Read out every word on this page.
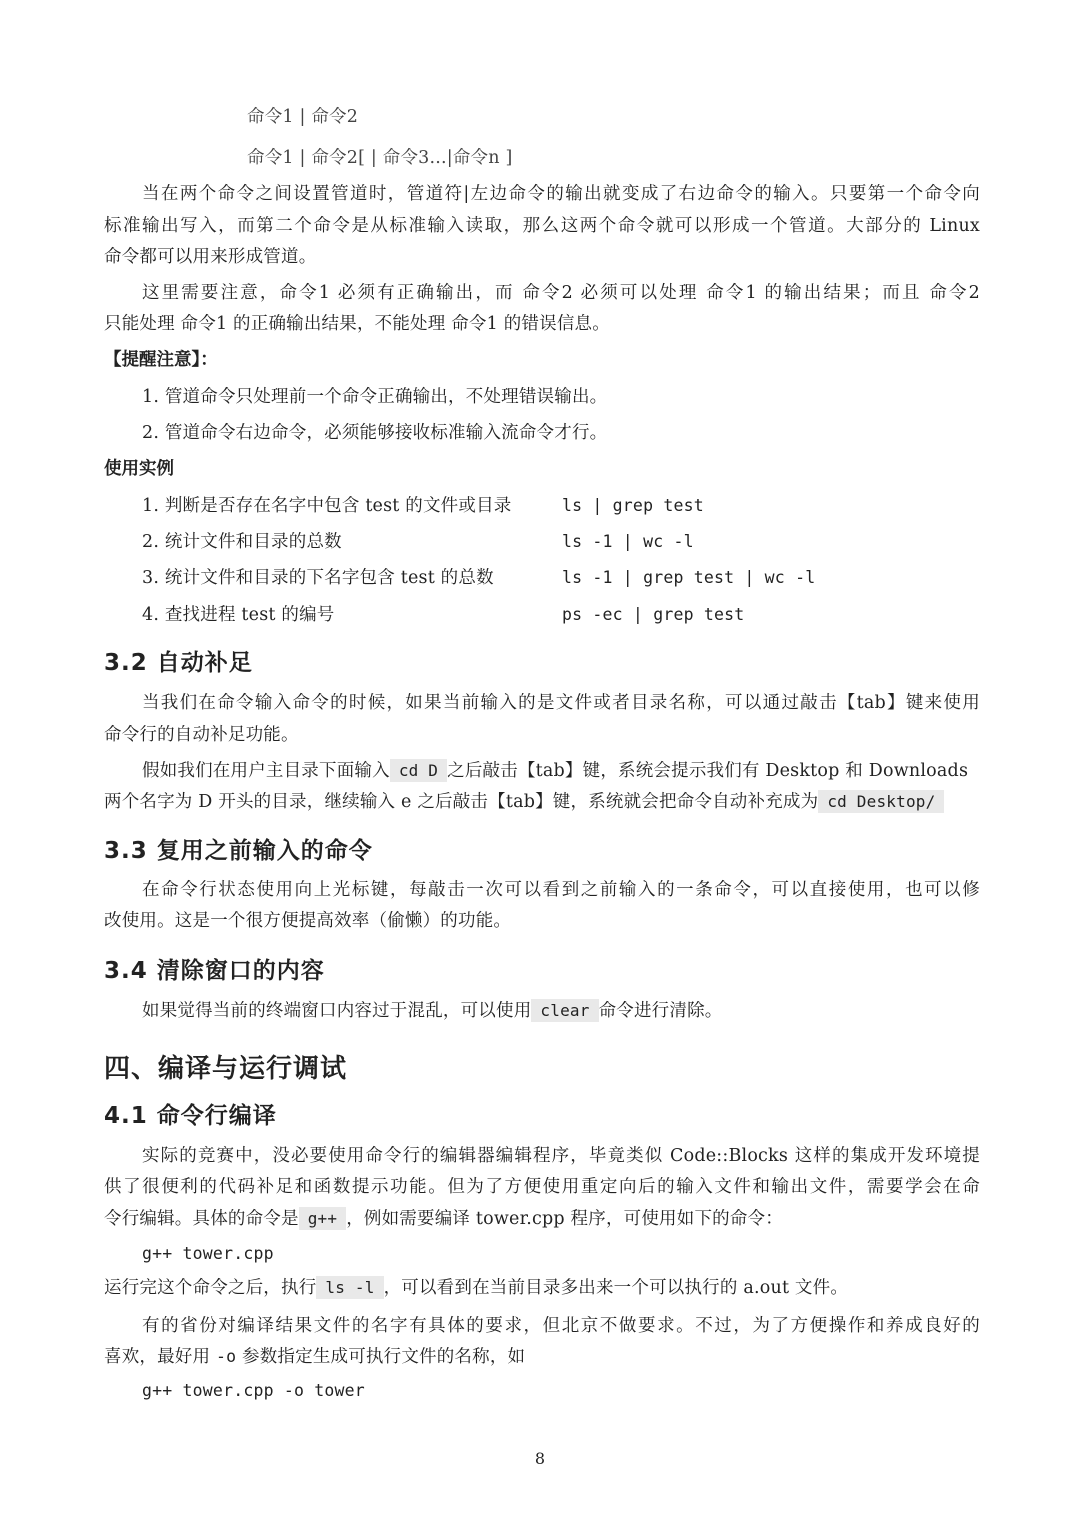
命令1 | 命令2
命令1 | 命令2[ | 命令3...|命令n ]
当在两个命令之间设置管道时，管道符|左边命令的输出就变成了右边命令的输入。只要第一个命令向
标准输出写入，而第二个命令是从标准输入读取，那么这两个命令就可以形成一个管道。大部分的 Linux
命令都可以用来形成管道。
这里需要注意，命令1 必须有正确输出，而 命令2 必须可以处理 命令1 的输出结果；而且 命令2
只能处理 命令1 的正确输出结果，不能处理 命令1 的错误信息。
【提醒注意】：
1. 管道命令只处理前一个命令正确输出，不处理错误输出。
2. 管道命令右边命令，必须能够接收标准输入流命令才行。
使用实例
1. 判断是否存在名字中包含 test 的文件或目录	ls | grep test
2. 统计文件和目录的总数	ls -1 | wc -l
3. 统计文件和目录的下名字包含 test 的总数	ls -1 | grep test | wc -l
4. 查找进程 test 的编号	ps -ec | grep test
3.2 自动补足
当我们在命令输入命令的时候，如果当前输入的是文件或者目录名称，可以通过敲击【tab】键来使用
命令行的自动补足功能。
假如我们在用户主目录下面输入 cd D 之后敲击【tab】键，系统会提示我们有 Desktop 和 Downloads
两个名字为 D 开头的目录，继续输入 e 之后敲击【tab】键，系统就会把命令自动补充成为 cd Desktop/
3.3 复用之前输入的命令
在命令行状态使用向上光标键，每敲击一次可以看到之前输入的一条命令，可以直接使用，也可以修
改使用。这是一个很方便提高效率（偷懒）的功能。
3.4 清除窗口的内容
如果觉得当前的终端窗口内容过于混乱，可以使用 clear 命令进行清除。
四、编译与运行调试
4.1 命令行编译
实际的竞赛中，没必要使用命令行的编辑器编辑程序，毕竟类似 Code::Blocks 这样的集成开发环境提
供了很便利的代码补足和函数提示功能。但为了方便使用重定向后的输入文件和输出文件，需要学会在命
令行编辑。具体的命令是 g++ ，例如需要编译 tower.cpp 程序，可使用如下的命令：
g++ tower.cpp
运行完这个命令之后，执行 ls -l ，可以看到在当前目录多出来一个可以执行的 a.out 文件。
有的省份对编译结果文件的名字有具体的要求，但北京不做要求。不过，为了方便操作和养成良好的
喜欢，最好用 -o 参数指定生成可执行文件的名称，如
g++ tower.cpp -o tower
8
